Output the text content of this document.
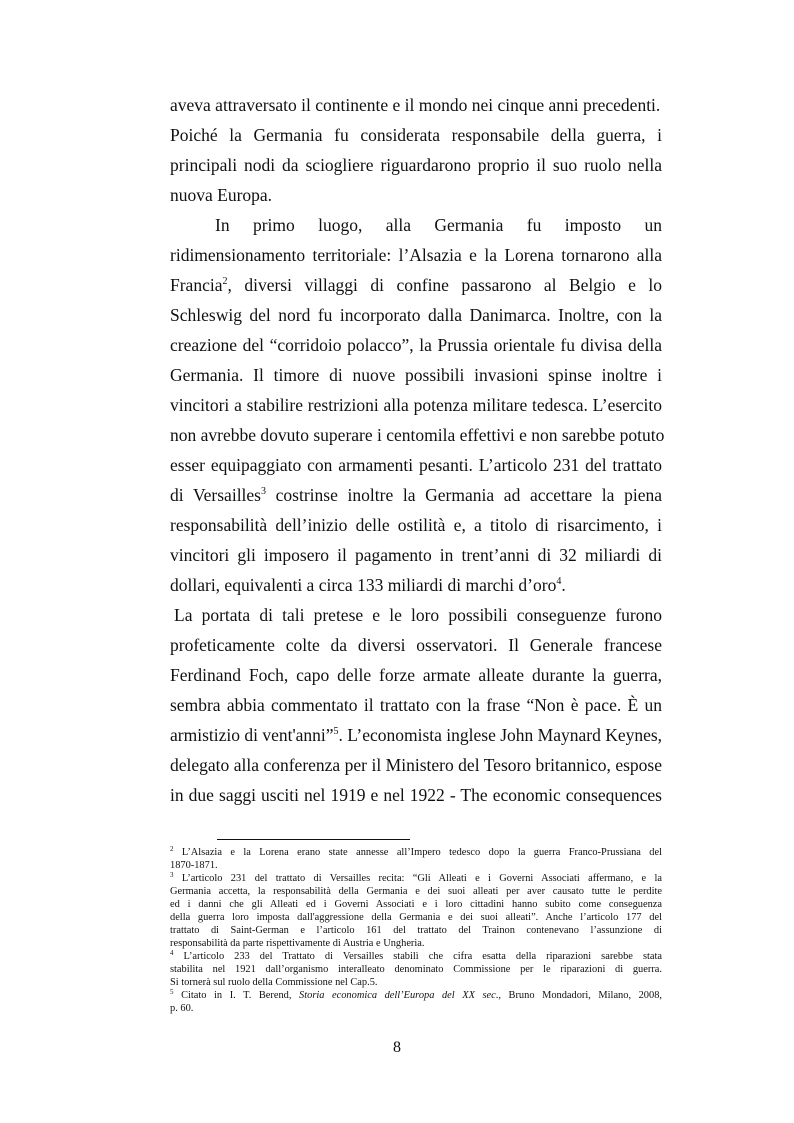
aveva attraversato il continente e il mondo nei cinque anni precedenti.
Poiché la Germania fu considerata responsabile della guerra, i
principali nodi da sciogliere riguardarono proprio il suo ruolo nella
nuova Europa.
In primo luogo, alla Germania fu imposto un
ridimensionamento territoriale: l’Alsazia e la Lorena tornarono alla
Francia$^2$, diversi villaggi di confine passarono al Belgio e lo
Schleswig del nord fu incorporato dalla Danimarca. Inoltre, con la
creazione del “corridoio polacco”, la Prussia orientale fu divisa della
Germania. Il timore di nuove possibili invasioni spinse inoltre i
vincitori a stabilire restrizioni alla potenza militare tedesca. L’esercito
non avrebbe dovuto superare i centomila effettivi e non sarebbe potuto
esser equipaggiato con armamenti pesanti. L’articolo 231 del trattato
di Versailles$^3$ costrinse inoltre la Germania ad accettare la piena
responsabilità dell’inizio delle ostilità e, a titolo di risarcimento, i
vincitori gli imposero il pagamento in trent’anni di 32 miliardi di
dollari, equivalenti a circa 133 miliardi di marchi d’oro$^4$.
La portata di tali pretese e le loro possibili conseguenze furono
profeticamente colte da diversi osservatori. Il Generale francese
Ferdinand Foch, capo delle forze armate alleate durante la guerra,
sembra abbia commentato il trattato con la frase “Non è pace. È un
armistizio di vent'anni”$^5$. L’economista inglese John Maynard Keynes,
delegato alla conferenza per il Ministero del Tesoro britannico, espose
in due saggi usciti nel 1919 e nel 1922 - The economic consequences
$^2$ L’Alsazia e la Lorena erano state annesse all’Impero tedesco dopo la guerra Franco-Prussiana del
1870-1871.
$^3$ L’articolo 231 del trattato di Versailles recita: “Gli Alleati e i Governi Associati affermano, e la
Germania accetta, la responsabilità della Germania e dei suoi alleati per aver causato tutte le perdite
ed i danni che gli Alleati ed i Governi Associati e i loro cittadini hanno subito come conseguenza
della guerra loro imposta dall'aggressione della Germania e dei suoi alleati”. Anche l’articolo 177 del
trattato di Saint-German e l’articolo 161 del trattato del Trainon contenevano l’assunzione di
responsabilità da parte rispettivamente di Austria e Ungheria.
$^4$ L’articolo 233 del Trattato di Versailles stabilì che cifra esatta della riparazioni sarebbe stata
stabilita nel 1921 dall’organismo interalleato denominato Commissione per le riparazioni di guerra.
Si tornerà sul ruolo della Commissione nel Cap.5.
$^5$ Citato in I. T. Berend, Storia economica dell’Europa del XX sec., Bruno Mondadori, Milano, 2008,
p. 60.
8
